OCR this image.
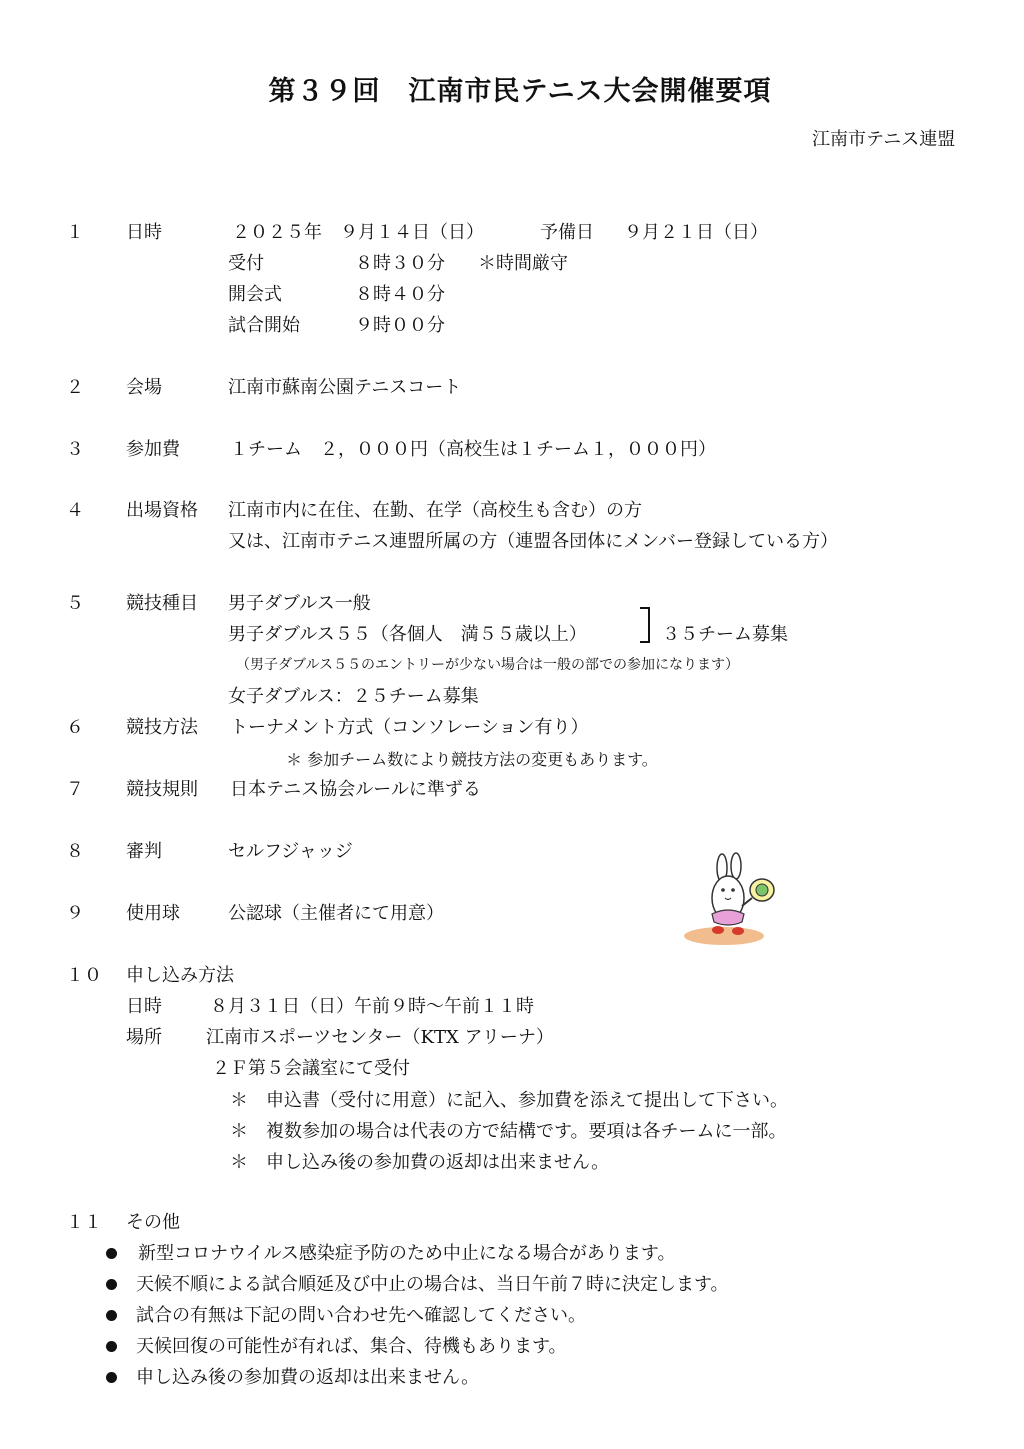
第３９回　江南市民テニス大会開催要項
江南市テニス連盟
１ 日時	２０２５年　９月１４日（日）	予備日 ９月２１日（日）
受付	８時３０分 ＊時間厳守
開会式	８時４０分
試合開始	９時００分
２ 会場	江南市蘇南公園テニスコート
３ 参加費	１チーム　２，０００円（高校生は１チーム１，０００円）
４ 出場資格 江南市内に在住、在勤、在学（高校生も含む）の方
又は、江南市テニス連盟所属の方（連盟各団体にメンバー登録している方）
５ 競技種目 男子ダブルス一般
男子ダブルス５５（各個人　満５５歳以上）	３５チーム募集
（男子ダブルス５５のエントリーが少ない場合は一般の部での参加になります）
女子ダブルス：２５チーム募集
６ 競技方法 トーナメント方式（コンソレーション有り）
＊ 参加チーム数により競技方法の変更もあります。
７ 競技規則 日本テニス協会ルールに準ずる
８ 審判	セルフジャッジ
９ 使用球	公認球（主催者にて用意）
１０ 申し込み方法
日時	８月３１日（日）午前９時～午前１１時
場所 江南市スポーツセンター（KTX アリーナ）
２Ｆ第５会議室にて受付
＊　申込書（受付に用意）に記入、参加費を添えて提出して下さい。
＊　複数参加の場合は代表の方で結構です。要項は各チームに一部。
＊　申し込み後の参加費の返却は出来ません。
１１ その他
新型コロナウイルス感染症予防のため中止になる場合があります。
天候不順による試合順延及び中止の場合は、当日午前７時に決定します。
試合の有無は下記の問い合わせ先へ確認してください。
天候回復の可能性が有れば、集合、待機もあります。
申し込み後の参加費の返却は出来ません。
